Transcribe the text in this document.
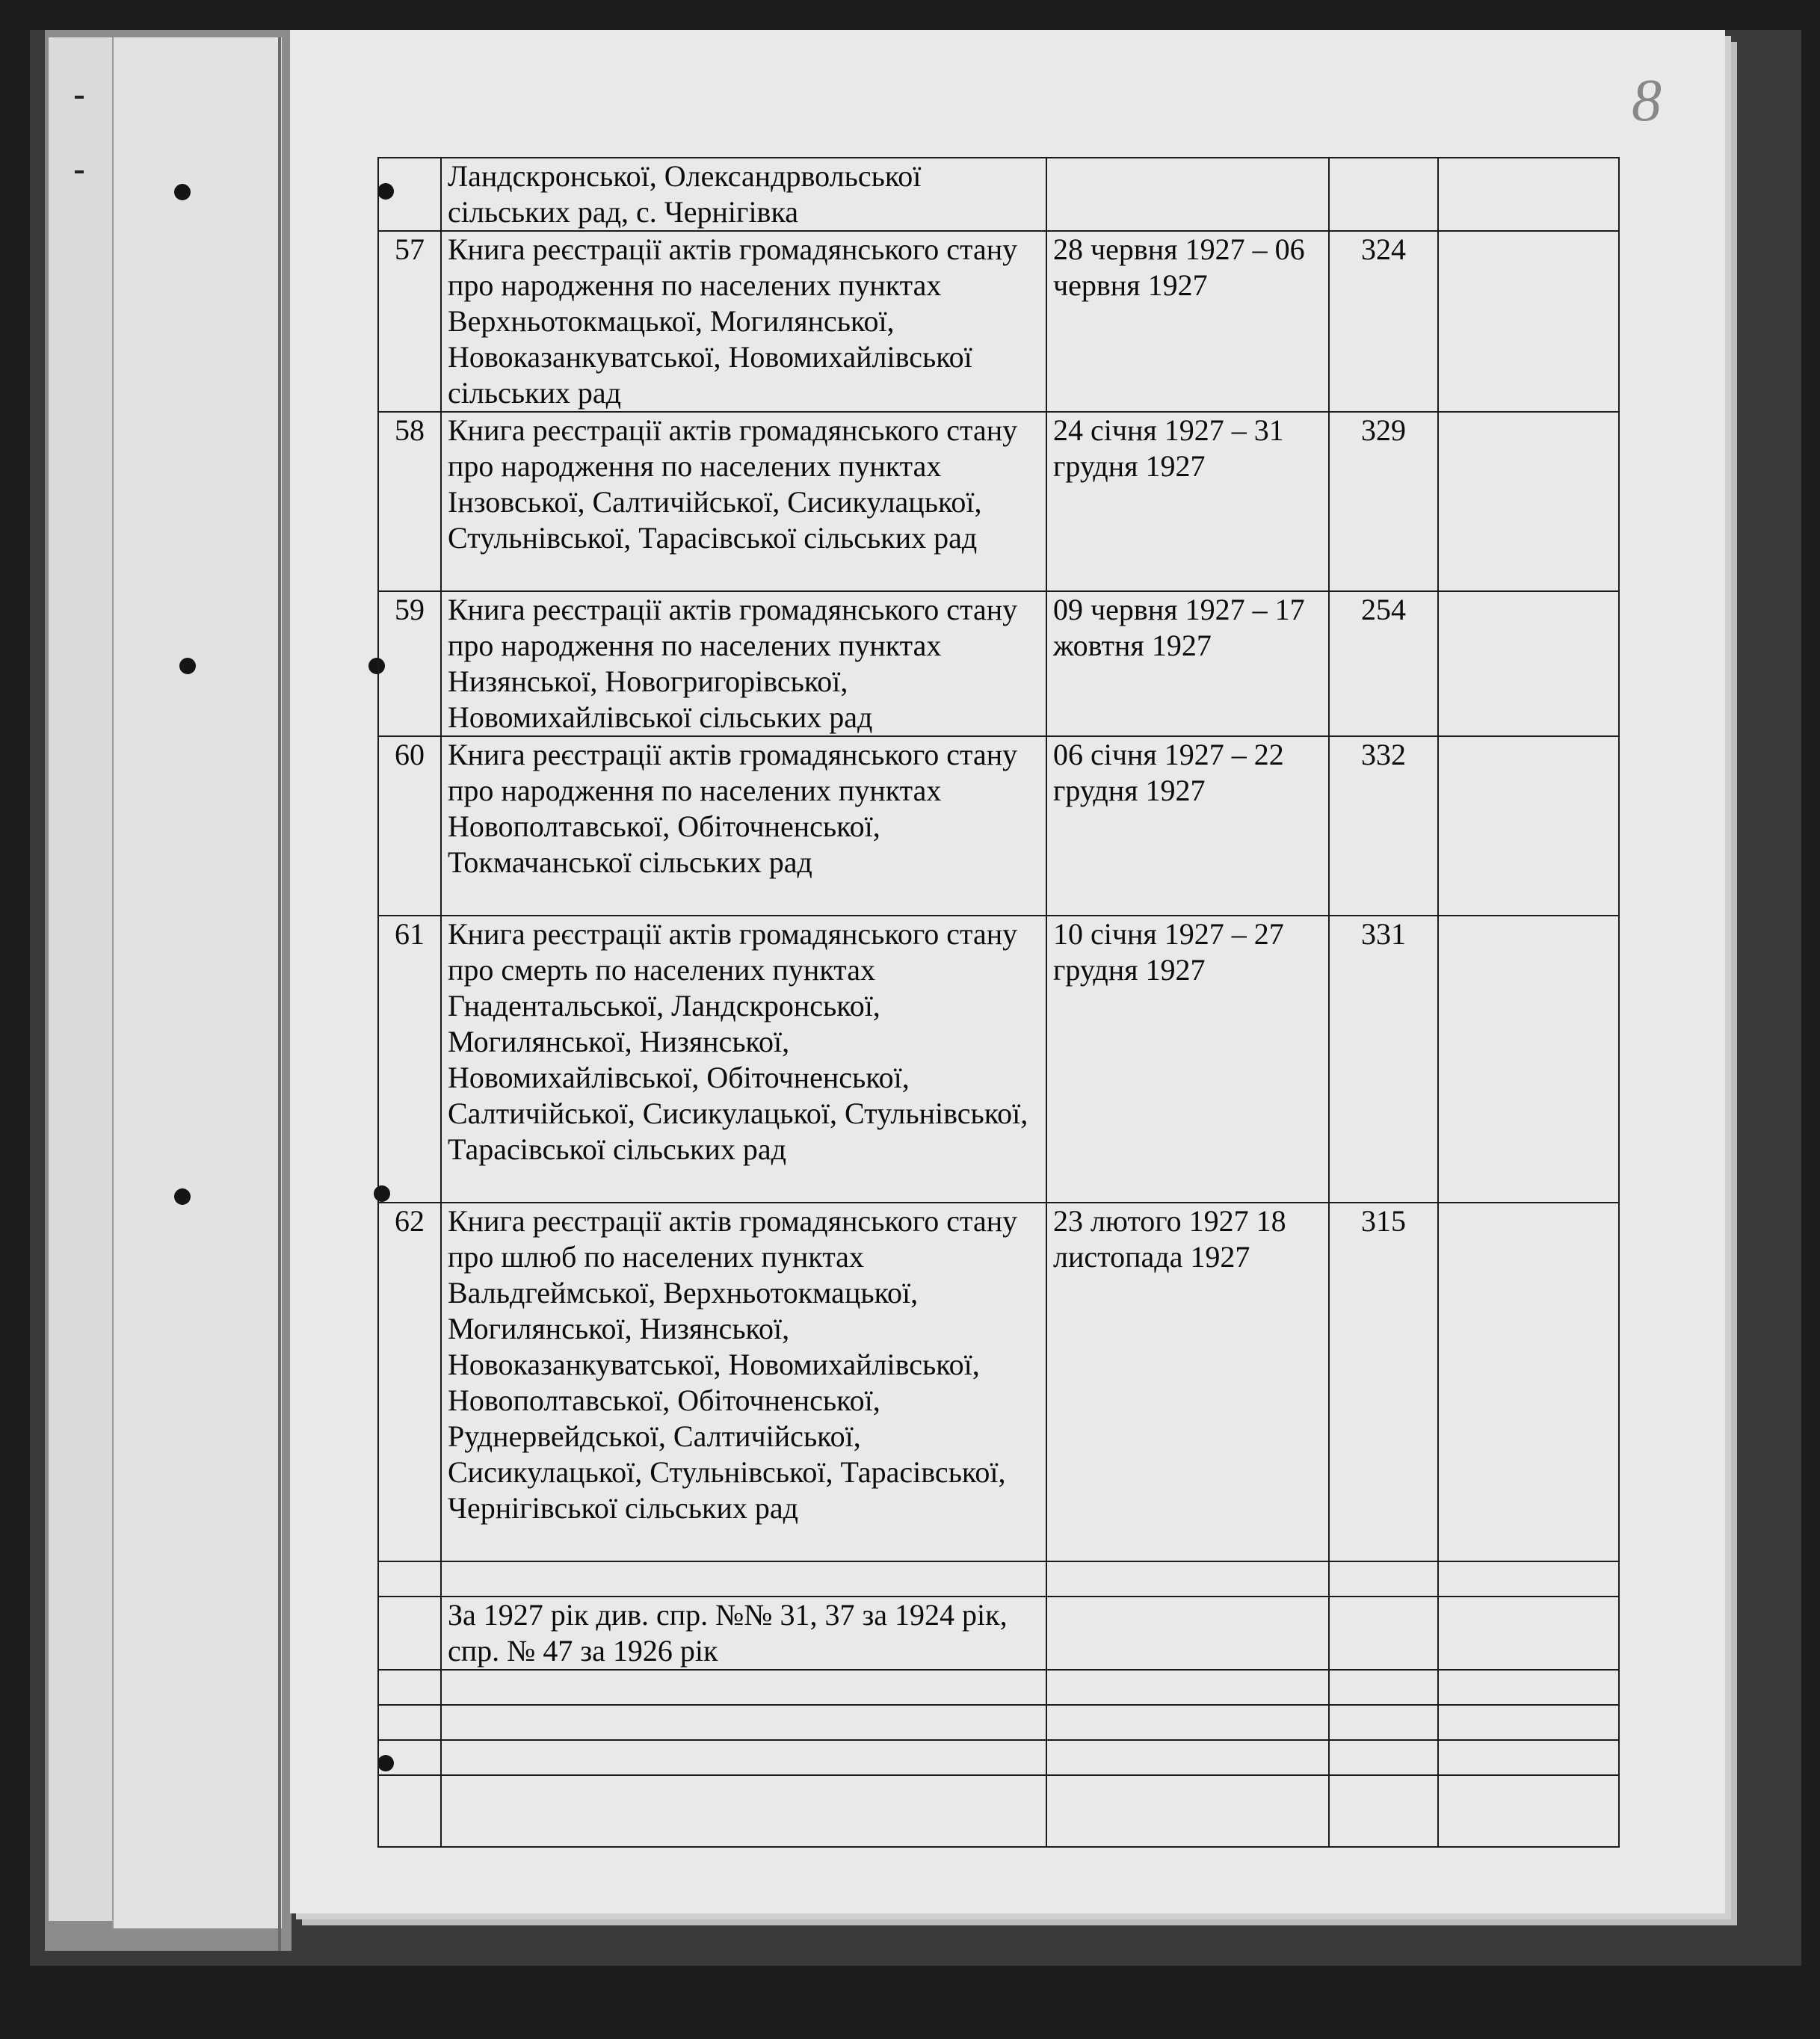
8
	Ландскронської, Олександрвольської сільських рад, с. Чернігівка			
57	Книга реєстрації актів громадянського стану про народження по населених пунктах Верхньотокмацької, Могилянської, Новоказанкуватської, Новомихайлівської сільських рад	28 червня 1927 – 06 червня 1927	324	
58	Книга реєстрації актів громадянського стану про народження по населених пунктах Інзовської, Салтичійської, Сисикулацької, Стульнівської, Тарасівської сільських рад	24 січня 1927 – 31 грудня 1927	329	
59	Книга реєстрації актів громадянського стану про народження по населених пунктах Низянської, Новогригорівської, Новомихайлівської сільських рад	09 червня 1927 – 17 жовтня 1927	254	
60	Книга реєстрації актів громадянського стану про народження по населених пунктах Новополтавської, Обіточненської, Токмачанської сільських рад	06 січня 1927 – 22 грудня 1927	332	
61	Книга реєстрації актів громадянського стану про смерть по населених пунктах Гнадентальської, Ландскронської, Могилянської, Низянської, Новомихайлівської, Обіточненської, Салтичійської, Сисикулацької, Стульнівської, Тарасівської сільських рад	10 січня 1927 – 27 грудня 1927	331	
62	Книга реєстрації актів громадянського стану про шлюб по населених пунктах Вальдгеймської, Верхньотокмацької, Могилянської, Низянської, Новоказанкуватської, Новомихайлівської, Новополтавської, Обіточненської, Руднервейдської, Салтичійської, Сисикулацької, Стульнівської, Тарасівської, Чернігівської сільських рад	23 лютого 1927 18 листопада 1927	315	

	За 1927 рік див. спр. №№ 31, 37 за 1924 рік, спр. № 47 за 1926 рік			
